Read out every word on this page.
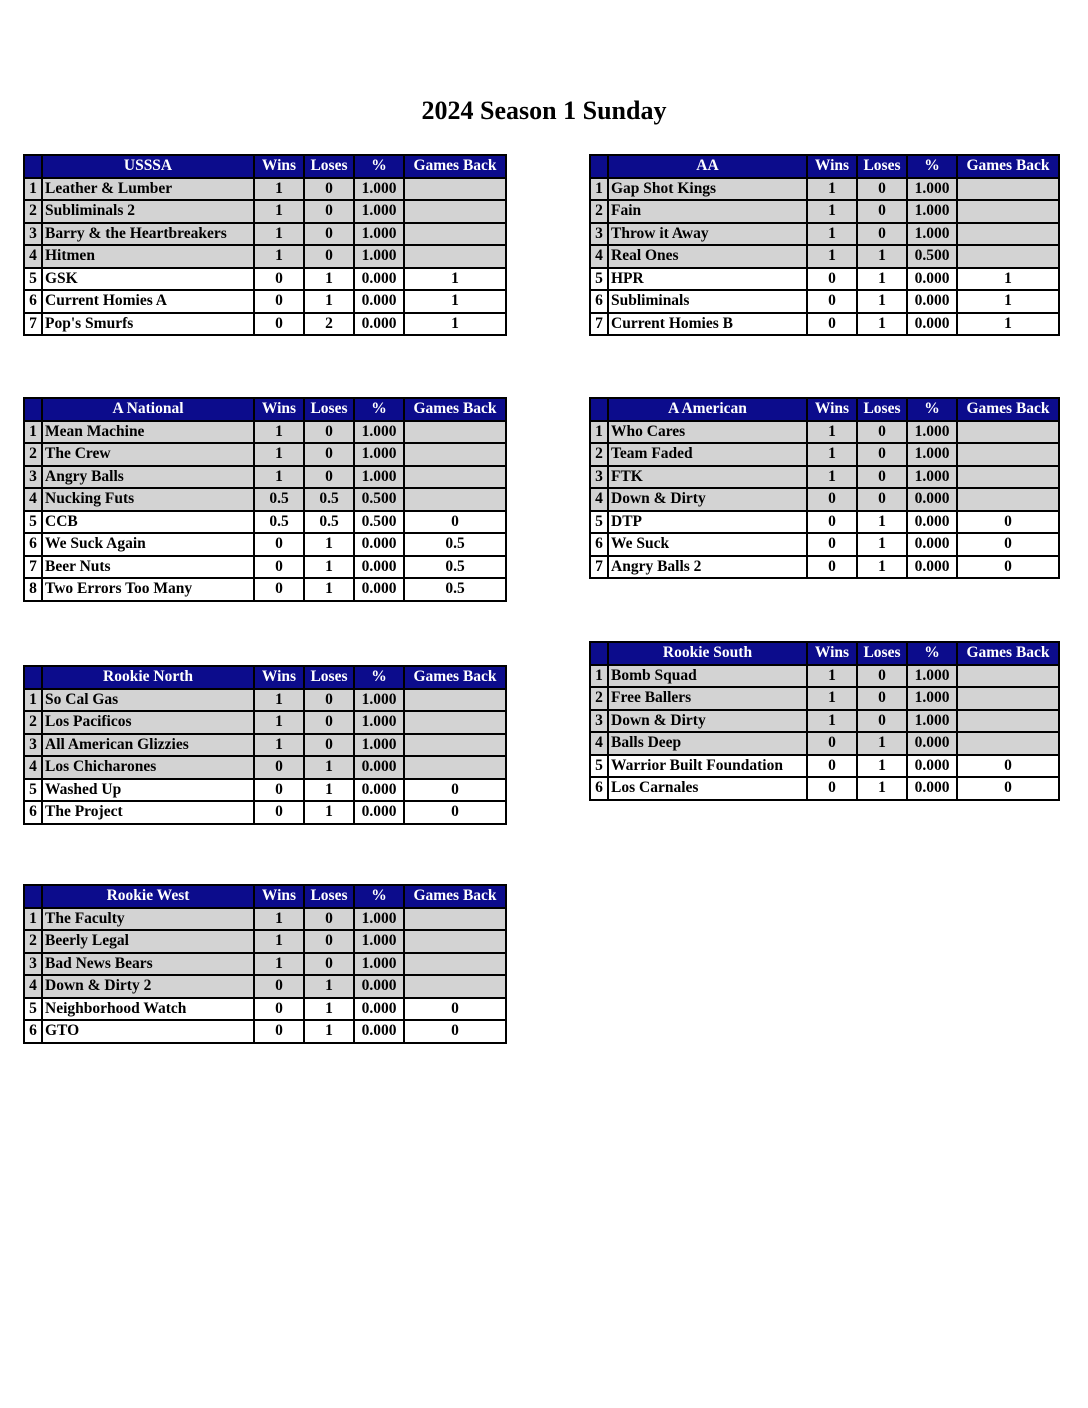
2024 Season 1 Sunday
	USSSA	Wins	Loses	%	Games Back
1	Leather & Lumber	1	0	1.000	
2	Subliminals 2	1	0	1.000	
3	Barry & the Heartbreakers	1	0	1.000	
4	Hitmen	1	0	1.000	
5	GSK	0	1	0.000	1
6	Current Homies A	0	1	0.000	1
7	Pop's Smurfs	0	2	0.000	1
	A National	Wins	Loses	%	Games Back
1	Mean Machine	1	0	1.000	
2	The Crew	1	0	1.000	
3	Angry Balls	1	0	1.000	
4	Nucking Futs	0.5	0.5	0.500	
5	CCB	0.5	0.5	0.500	0
6	We Suck Again	0	1	0.000	0.5
7	Beer Nuts	0	1	0.000	0.5
8	Two Errors Too Many	0	1	0.000	0.5
	Rookie North	Wins	Loses	%	Games Back
1	So Cal Gas	1	0	1.000	
2	Los Pacificos	1	0	1.000	
3	All American Glizzies	1	0	1.000	
4	Los Chicharones	0	1	0.000	
5	Washed Up	0	1	0.000	0
6	The Project	0	1	0.000	0
	Rookie West	Wins	Loses	%	Games Back
1	The Faculty	1	0	1.000	
2	Beerly Legal	1	0	1.000	
3	Bad News Bears	1	0	1.000	
4	Down & Dirty 2	0	1	0.000	
5	Neighborhood Watch	0	1	0.000	0
6	GTO	0	1	0.000	0
	AA	Wins	Loses	%	Games Back
1	Gap Shot Kings	1	0	1.000	
2	Fain	1	0	1.000	
3	Throw it Away	1	0	1.000	
4	Real Ones	1	1	0.500	
5	HPR	0	1	0.000	1
6	Subliminals	0	1	0.000	1
7	Current Homies B	0	1	0.000	1
	A American	Wins	Loses	%	Games Back
1	Who Cares	1	0	1.000	
2	Team Faded	1	0	1.000	
3	FTK	1	0	1.000	
4	Down & Dirty	0	0	0.000	
5	DTP	0	1	0.000	0
6	We Suck	0	1	0.000	0
7	Angry Balls 2	0	1	0.000	0
	Rookie South	Wins	Loses	%	Games Back
1	Bomb Squad	1	0	1.000	
2	Free Ballers	1	0	1.000	
3	Down & Dirty	1	0	1.000	
4	Balls Deep	0	1	0.000	
5	Warrior Built Foundation	0	1	0.000	0
6	Los Carnales	0	1	0.000	0
